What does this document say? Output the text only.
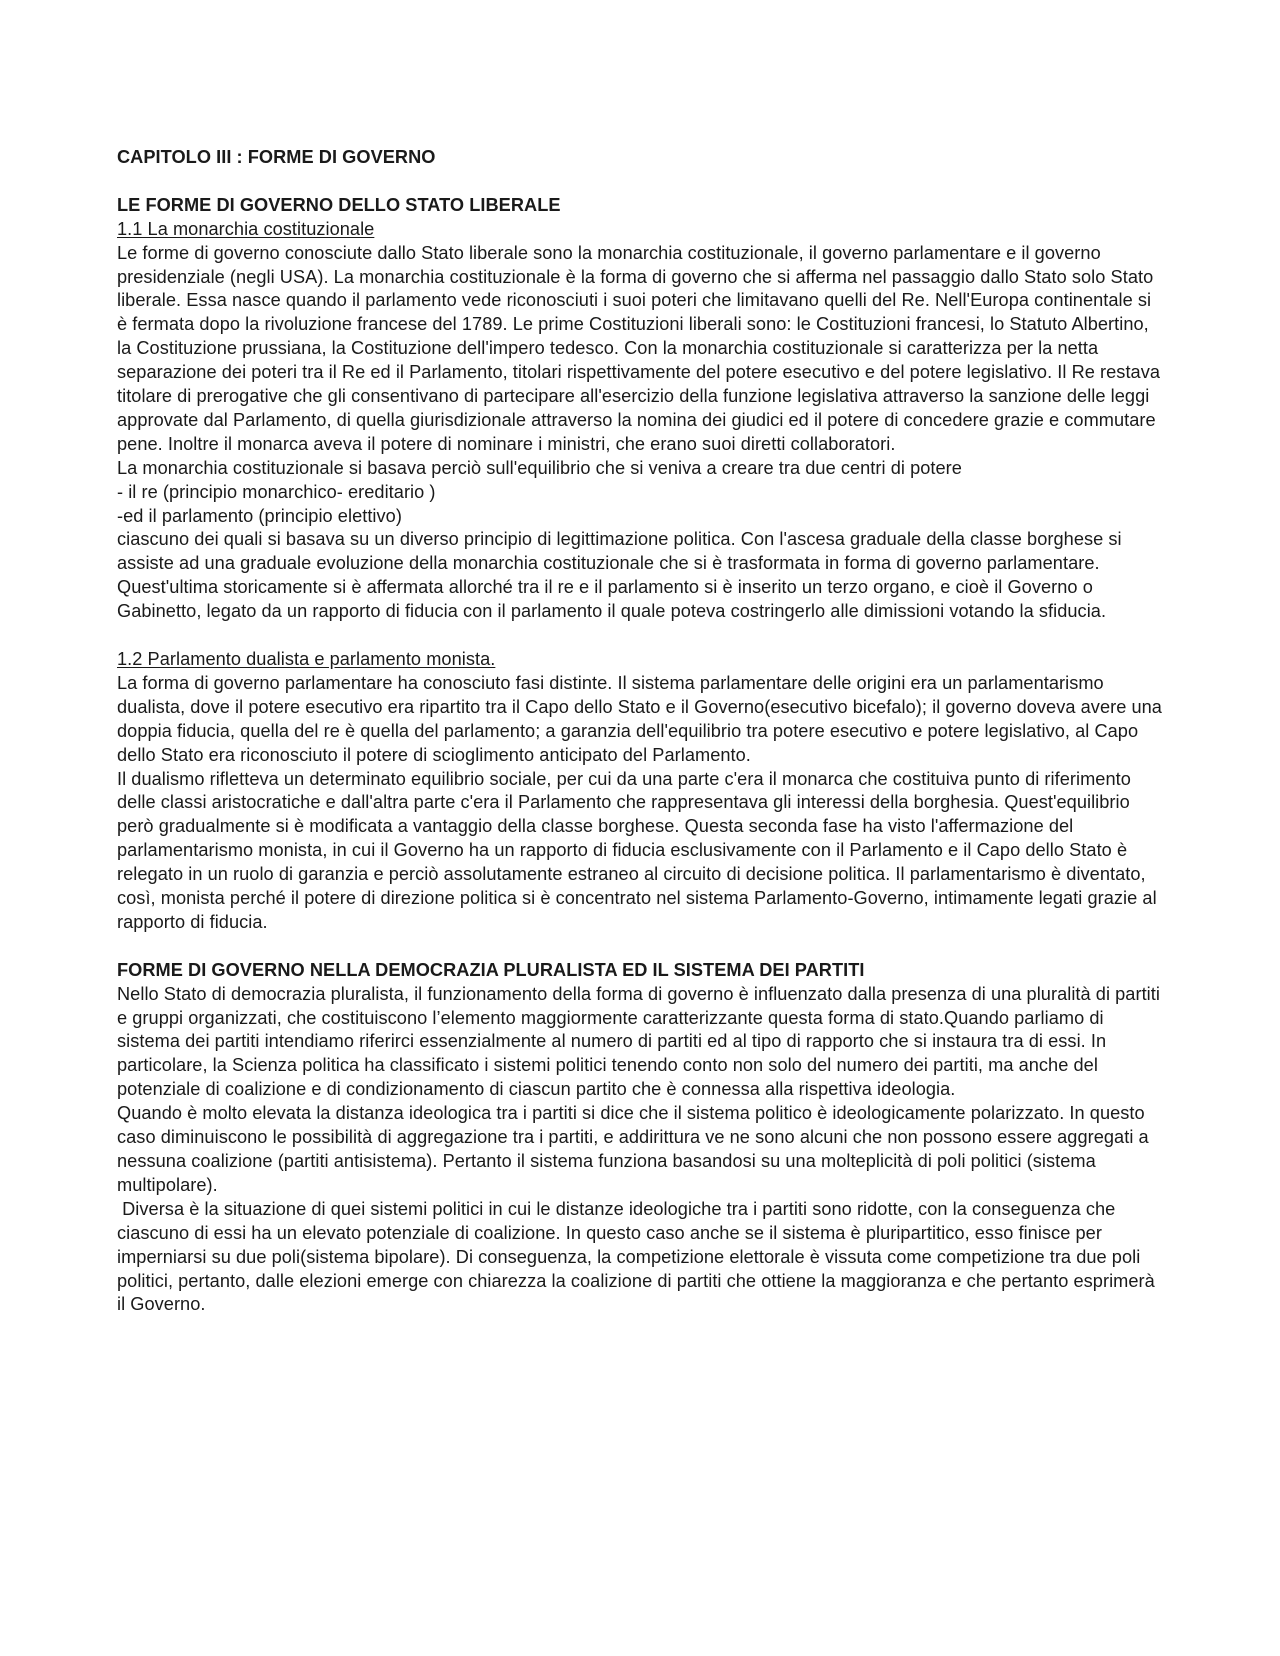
CAPITOLO III : FORME DI GOVERNO

LE FORME DI GOVERNO DELLO STATO LIBERALE

1.1 La monarchia costituzionale

Le forme di governo conosciute dallo Stato liberale sono la monarchia costituzionale, il governo parlamentare e il governo presidenziale (negli USA). La monarchia costituzionale è la forma di governo che si afferma nel passaggio dallo Stato solo Stato liberale. Essa nasce quando il parlamento vede riconosciuti i suoi poteri che limitavano quelli del Re. Nell'Europa continentale si è fermata dopo la rivoluzione francese del 1789. Le prime Costituzioni liberali sono: le Costituzioni francesi, lo Statuto Albertino, la Costituzione prussiana, la Costituzione dell'impero tedesco. Con la monarchia costituzionale si caratterizza per la netta separazione dei poteri tra il Re ed il Parlamento, titolari rispettivamente del potere esecutivo e del potere legislativo. Il Re restava titolare di prerogative che gli consentivano di partecipare all'esercizio della funzione legislativa attraverso la sanzione delle leggi approvate dal Parlamento, di quella giurisdizionale attraverso la nomina dei giudici ed il potere di concedere grazie e commutare pene. Inoltre il monarca aveva il potere di nominare i ministri, che erano suoi diretti collaboratori.

La monarchia costituzionale si basava perciò sull'equilibrio che si veniva a creare tra due centri di potere

- il re (principio monarchico- ereditario )

-ed il parlamento (principio elettivo)

ciascuno dei quali si basava su un diverso principio di legittimazione politica. Con l'ascesa graduale della classe borghese si assiste ad una graduale evoluzione della monarchia costituzionale che si è trasformata in forma di governo parlamentare.

Quest'ultima storicamente si è affermata allorché tra il re e il parlamento si è inserito un terzo organo, e cioè il Governo o Gabinetto, legato da un rapporto di fiducia con il parlamento il quale poteva costringerlo alle dimissioni votando la sfiducia.

1.2 Parlamento dualista e parlamento monista.

La forma di governo parlamentare ha conosciuto fasi distinte. Il sistema parlamentare delle origini era un parlamentarismo dualista, dove il potere esecutivo era ripartito tra il Capo dello Stato e il Governo(esecutivo bicefalo); il governo doveva avere una doppia fiducia, quella del re è quella del parlamento; a garanzia dell'equilibrio tra potere esecutivo e potere legislativo, al Capo dello Stato era riconosciuto il potere di scioglimento anticipato del Parlamento.

Il dualismo rifletteva un determinato equilibrio sociale, per cui da una parte c'era il monarca che costituiva punto di riferimento delle classi aristocratiche e dall'altra parte c'era il Parlamento che rappresentava gli interessi della borghesia. Quest'equilibrio però gradualmente si è modificata a vantaggio della classe borghese. Questa seconda fase ha visto l'affermazione del parlamentarismo monista, in cui il Governo ha un rapporto di fiducia esclusivamente con il Parlamento e il Capo dello Stato è relegato in un ruolo di garanzia e perciò assolutamente estraneo al circuito di decisione politica. Il parlamentarismo è diventato, così, monista perché il potere di direzione politica si è concentrato nel sistema Parlamento-Governo, intimamente legati grazie al rapporto di fiducia.

FORME DI GOVERNO NELLA DEMOCRAZIA PLURALISTA ED IL SISTEMA DEI PARTITI

Nello Stato di democrazia pluralista, il funzionamento della forma di governo è influenzato dalla presenza di una pluralità di partiti e gruppi organizzati, che costituiscono l’elemento maggiormente caratterizzante questa forma di stato.Quando parliamo di sistema dei partiti intendiamo riferirci essenzialmente al numero di partiti ed al tipo di rapporto che si instaura tra di essi. In particolare, la Scienza politica ha classificato i sistemi politici tenendo conto non solo del numero dei partiti, ma anche del potenziale di coalizione e di condizionamento di ciascun partito che è connessa alla rispettiva ideologia.

Quando è molto elevata la distanza ideologica tra i partiti si dice che il sistema politico è ideologicamente polarizzato. In questo caso diminuiscono le possibilità di aggregazione tra i partiti, e addirittura ve ne sono alcuni che non possono essere aggregati a nessuna coalizione (partiti antisistema). Pertanto il sistema funziona basandosi su una molteplicità di poli politici (sistema multipolare).

Diversa è la situazione di quei sistemi politici in cui le distanze ideologiche tra i partiti sono ridotte, con la conseguenza che ciascuno di essi ha un elevato potenziale di coalizione. In questo caso anche se il sistema è pluripartitico, esso finisce per imperniarsi su due poli(sistema bipolare). Di conseguenza, la competizione elettorale è vissuta come competizione tra due poli politici, pertanto, dalle elezioni emerge con chiarezza la coalizione di partiti che ottiene la maggioranza e che pertanto esprimerà il Governo.
